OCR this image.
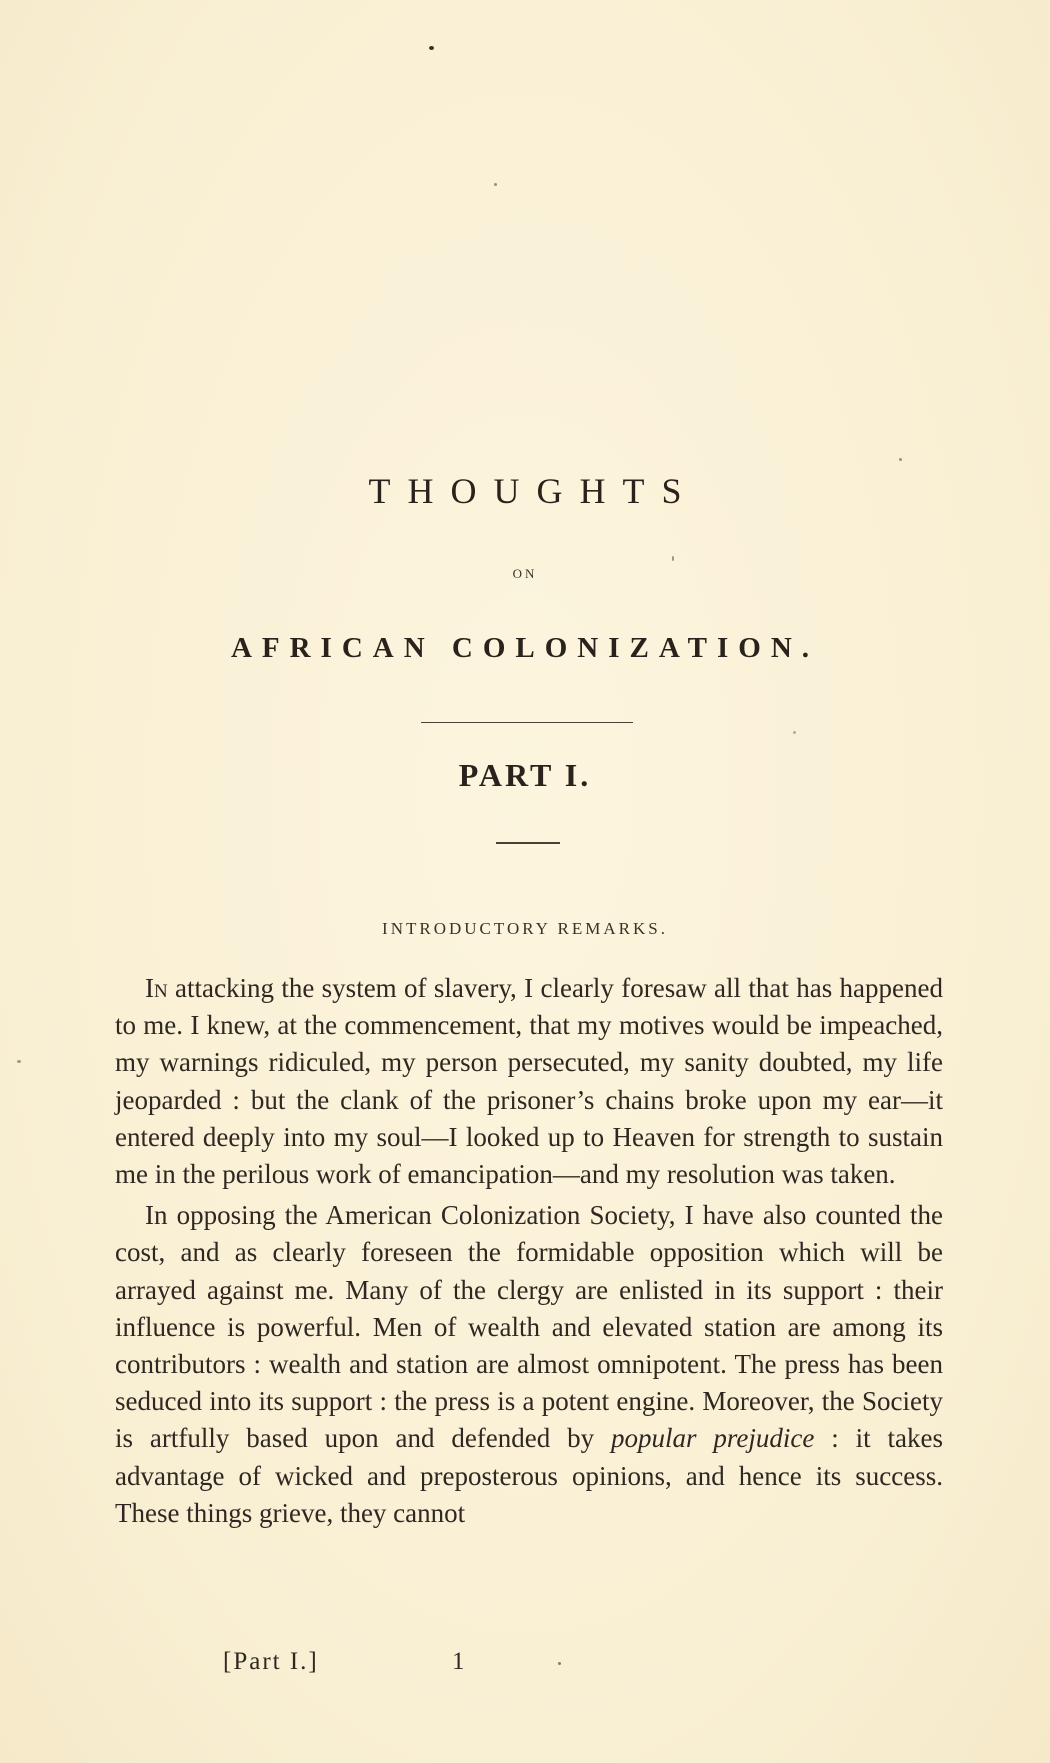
THOUGHTS
ON
AFRICAN COLONIZATION.
PART I.
INTRODUCTORY REMARKS.

In attacking the system of slavery, I clearly foresaw all that has happened to me. I knew, at the commencement, that my motives would be impeached, my warnings ridiculed, my person persecuted, my sanity doubted, my life jeoparded : but the clank of the prisoner’s chains broke upon my ear—it entered deeply into my soul—I looked up to Heaven for strength to sustain me in the perilous work of emancipation—and my resolution was taken.

In opposing the American Colonization Society, I have also counted the cost, and as clearly foreseen the formidable opposition which will be arrayed against me. Many of the clergy are enlisted in its support : their influence is powerful. Men of wealth and elevated station are among its contributors : wealth and station are almost omnipotent. The press has been seduced into its support : the press is a potent engine. Moreover, the Society is artfully based upon and defended by popular prejudice : it takes advantage of wicked and preposterous opinions, and hence its success. These things grieve, they cannot

[Part I.]	1
